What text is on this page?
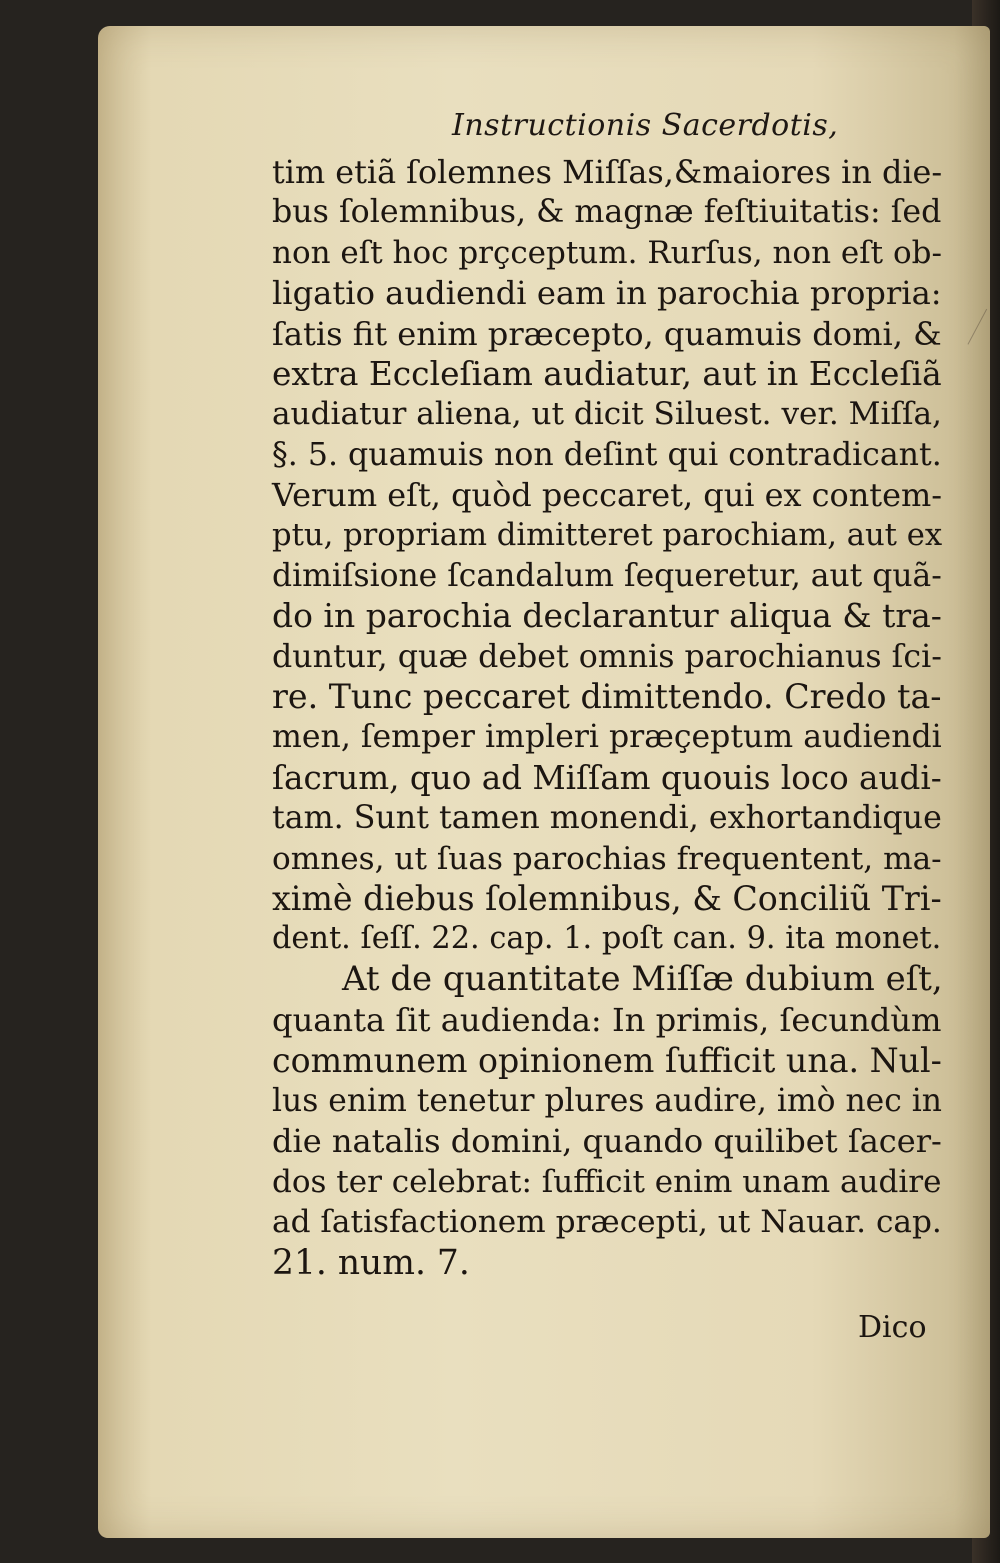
Instructionis Sacerdotis,
tim etiã ſolemnes Miſſas,&maiores in die-
bus ſolemnibus, & magnæ feſtiuitatis: ſed
non eſt hoc prçceptum. Rurſus, non eſt ob-
ligatio audiendi eam in parochia propria:
ſatis fit enim præcepto, quamuis domi, &
extra Eccleſiam audiatur, aut in Eccleſiã
audiatur aliena, ut dicit Siluest. ver. Miſſa,
§. 5. quamuis non deſint qui contradicant.
Verum eſt, quòd peccaret, qui ex contem-
ptu, propriam dimitteret parochiam, aut ex
dimiſsione ſcandalum ſequeretur, aut quã-
do in parochia declarantur aliqua & tra-
duntur, quæ debet omnis parochianus ſci-
re. Tunc peccaret dimittendo. Credo ta-
men, ſemper impleri præçeptum audiendi
ſacrum, quo ad Miſſam quouis loco audi-
tam. Sunt tamen monendi, exhortandique
omnes, ut ſuas parochias frequentent, ma-
ximè diebus ſolemnibus, & Conciliũ Tri-
dent. ſeſſ. 22. cap. 1. poſt can. 9. ita monet.
At de quantitate Miſſæ dubium eſt,
quanta ſit audienda: In primis, ſecundùm
communem opinionem ſufficit una. Nul-
lus enim tenetur plures audire, imò nec in
die natalis domini, quando quilibet ſacer-
dos ter celebrat: ſufficit enim unam audire
ad ſatisfactionem præcepti, ut Nauar. cap.
21. num. 7.
Dico
